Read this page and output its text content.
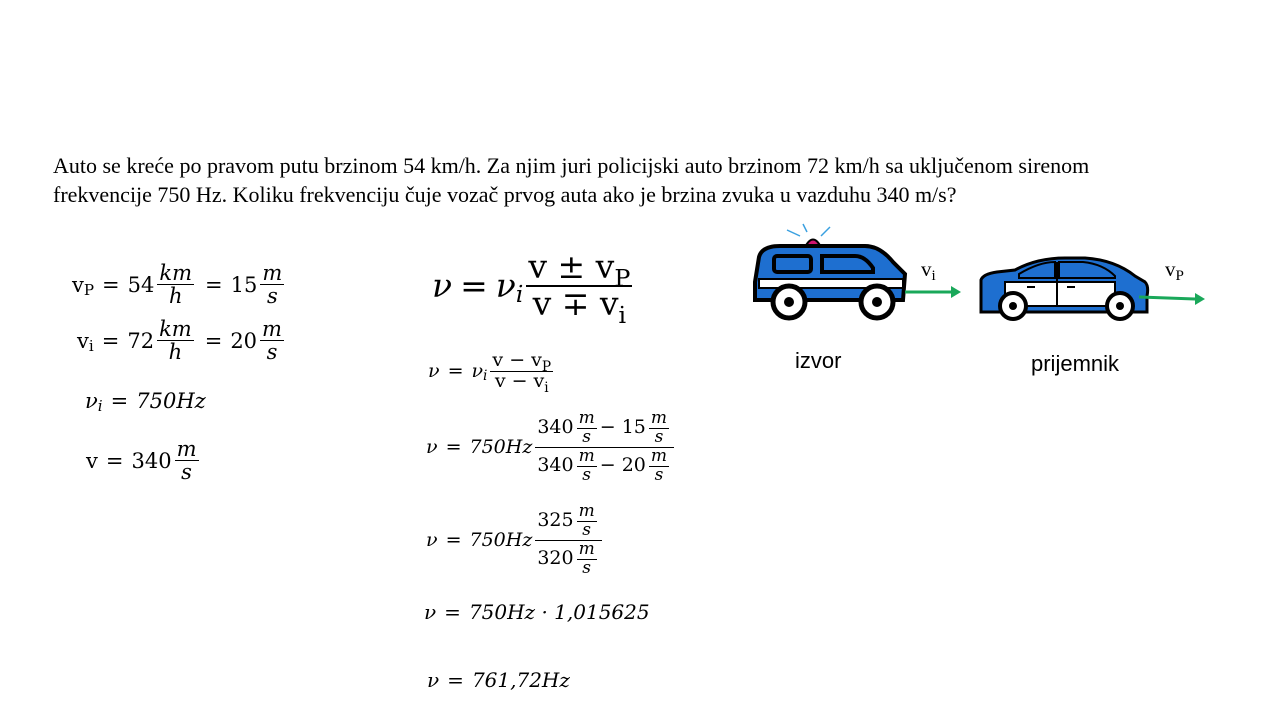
Auto se kreće po pravom putu brzinom 54 km/h. Za njim juri policijski auto brzinom 72 km/h sa uključenom sirenom
frekvencije 750 Hz. Koliku frekvenciju čuje vozač prvog auta ako je brzina zvuka u vazduhu 340 m/s?
v $P = 54 \frac{km}{h} = 15 \frac{m}{s}$
v $i = 72 \frac{km}{h} = 20 \frac{m}{s}$
ν i = 750Hz
$v = 340 \frac{m}{s}$
ν = ν i $\frac{v \pm v_P}{v \mp v_i}$
ν = ν i $\frac{v - v_P}{v - v_i}$
$\nu = 750Hz \frac{340 \frac{m}{s} - 15 \frac{m}{s}}{340 \frac{m}{s} - 20 \frac{m}{s}}$
$\nu = 750Hz \frac{325 \frac{m}{s}}{320 \frac{m}{s}}$
ν = 750Hz · 1,015625
ν = 761,72Hz
vi	vP
izvor	prijemnik
